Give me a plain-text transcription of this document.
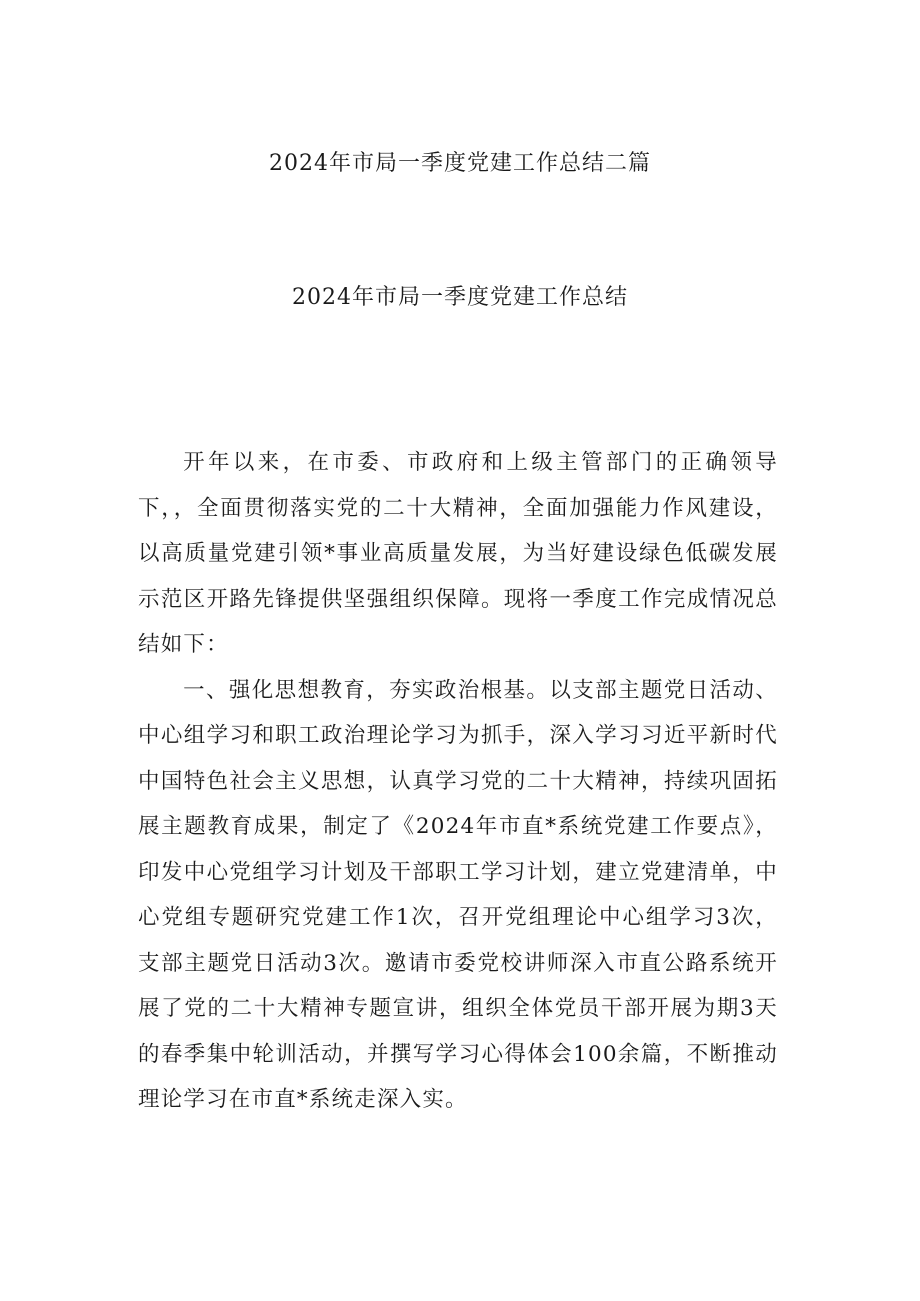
2024年市局一季度党建工作总结二篇
2024年市局一季度党建工作总结

开年以来，在市委、市政府和上级主管部门的正确领导下，，全面贯彻落实党的二十大精神，全面加强能力作风建设，以高质量党建引领*事业高质量发展，为当好建设绿色低碳发展示范区开路先锋提供坚强组织保障。现将一季度工作完成情况总结如下：

一、强化思想教育，夯实政治根基。以支部主题党日活动、中心组学习和职工政治理论学习为抓手，深入学习习近平新时代中国特色社会主义思想，认真学习党的二十大精神，持续巩固拓展主题教育成果，制定了《2024年市直*系统党建工作要点》，印发中心党组学习计划及干部职工学习计划，建立党建清单，中心党组专题研究党建工作1次，召开党组理论中心组学习3次，支部主题党日活动3次。邀请市委党校讲师深入市直公路系统开展了党的二十大精神专题宣讲，组织全体党员干部开展为期3天的春季集中轮训活动，并撰写学习心得体会100余篇，不断推动理论学习在市直*系统走深入实。
